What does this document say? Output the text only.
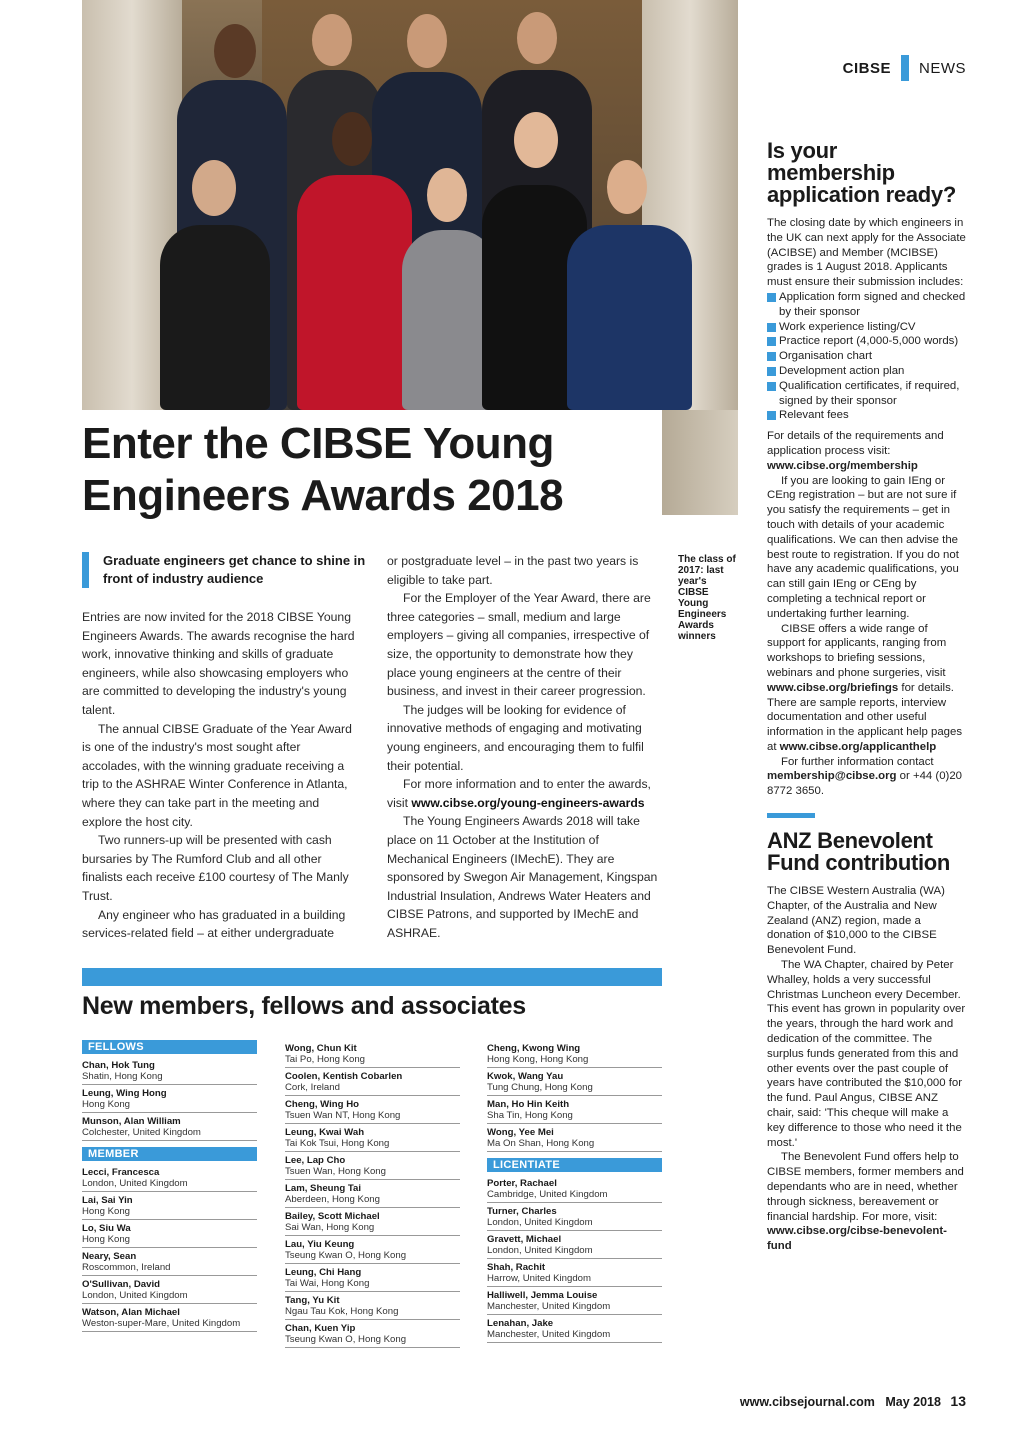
CIBSE NEWS
Enter the CIBSE Young Engineers Awards 2018
Graduate engineers get chance to shine in front of industry audience

Entries are now invited for the 2018 CIBSE Young Engineers Awards. The awards recognise the hard work, innovative thinking and skills of graduate engineers, while also showcasing employers who are committed to developing the industry's young talent.

The annual CIBSE Graduate of the Year Award is one of the industry's most sought after accolades, with the winning graduate receiving a trip to the ASHRAE Winter Conference in Atlanta, where they can take part in the meeting and explore the host city.

Two runners-up will be presented with cash bursaries by The Rumford Club and all other finalists each receive £100 courtesy of The Manly Trust.

Any engineer who has graduated in a building services-related field – at either undergraduate

or postgraduate level – in the past two years is eligible to take part.

For the Employer of the Year Award, there are three categories – small, medium and large employers – giving all companies, irrespective of size, the opportunity to demonstrate how they place young engineers at the centre of their business, and invest in their career progression.

The judges will be looking for evidence of innovative methods of engaging and motivating young engineers, and encouraging them to fulfil their potential.

For more information and to enter the awards, visit www.cibse.org/young-engineers-awards

The Young Engineers Awards 2018 will take place on 11 October at the Institution of Mechanical Engineers (IMechE). They are sponsored by Swegon Air Management, Kingspan Industrial Insulation, Andrews Water Heaters and CIBSE Patrons, and supported by IMechE and ASHRAE.

The class of 2017: last year's CIBSE Young Engineers Awards winners
Is your membership application ready?

The closing date by which engineers in the UK can next apply for the Associate (ACIBSE) and Member (MCIBSE) grades is 1 August 2018. Applicants must ensure their submission includes:

Application form signed and checked by their sponsor
Work experience listing/CV
Practice report (4,000-5,000 words)
Organisation chart
Development action plan
Qualification certificates, if required, signed by their sponsor
Relevant fees

For details of the requirements and application process visit: www.cibse.org/membership

If you are looking to gain IEng or CEng registration – but are not sure if you satisfy the requirements – get in touch with details of your academic qualifications. We can then advise the best route to registration. If you do not have any academic qualifications, you can still gain IEng or CEng by completing a technical report or undertaking further learning.

CIBSE offers a wide range of support for applicants, ranging from workshops to briefing sessions, webinars and phone surgeries, visit www.cibse.org/briefings for details. There are sample reports, interview documentation and other useful information in the applicant help pages at www.cibse.org/applicanthelp

For further information contact membership@cibse.org or +44 (0)20 8772 3650.

ANZ Benevolent Fund contribution

The CIBSE Western Australia (WA) Chapter, of the Australia and New Zealand (ANZ) region, made a donation of $10,000 to the CIBSE Benevolent Fund.

The WA Chapter, chaired by Peter Whalley, holds a very successful Christmas Luncheon every December. This event has grown in popularity over the years, through the hard work and dedication of the committee. The surplus funds generated from this and other events over the past couple of years have contributed the $10,000 for the fund. Paul Angus, CIBSE ANZ chair, said: 'This cheque will make a key difference to those who need it the most.'

The Benevolent Fund offers help to CIBSE members, former members and dependants who are in need, whether through sickness, bereavement or financial hardship. For more, visit: www.cibse.org/cibse-benevolent-fund

New members, fellows and associates
FELLOWS
Chan, Hok Tung
Shatin, Hong Kong
Leung, Wing Hong
Hong Kong
Munson, Alan William
Colchester, United Kingdom
MEMBER
Lecci, Francesca
London, United Kingdom
Lai, Sai Yin
Hong Kong
Lo, Siu Wa
Hong Kong
Neary, Sean
Roscommon, Ireland
O'Sullivan, David
London, United Kingdom
Watson, Alan Michael
Weston-super-Mare, United Kingdom
Wong, Chun Kit
Tai Po, Hong Kong
Coolen, Kentish Cobarlen
Cork, Ireland
Cheng, Wing Ho
Tsuen Wan NT, Hong Kong
Leung, Kwai Wah
Tai Kok Tsui, Hong Kong
Lee, Lap Cho
Tsuen Wan, Hong Kong
Lam, Sheung Tai
Aberdeen, Hong Kong
Bailey, Scott Michael
Sai Wan, Hong Kong
Lau, Yiu Keung
Tseung Kwan O, Hong Kong
Leung, Chi Hang
Tai Wai, Hong Kong
Tang, Yu Kit
Ngau Tau Kok, Hong Kong
Chan, Kuen Yip
Tseung Kwan O, Hong Kong
Cheng, Kwong Wing
Hong Kong, Hong Kong
Kwok, Wang Yau
Tung Chung, Hong Kong
Man, Ho Hin Keith
Sha Tin, Hong Kong
Wong, Yee Mei
Ma On Shan, Hong Kong
LICENTIATE
Porter, Rachael
Cambridge, United Kingdom
Turner, Charles
London, United Kingdom
Gravett, Michael
London, United Kingdom
Shah, Rachit
Harrow, United Kingdom
Halliwell, Jemma Louise
Manchester, United Kingdom
Lenahan, Jake
Manchester, United Kingdom
www.cibsejournal.com May 2018 13
